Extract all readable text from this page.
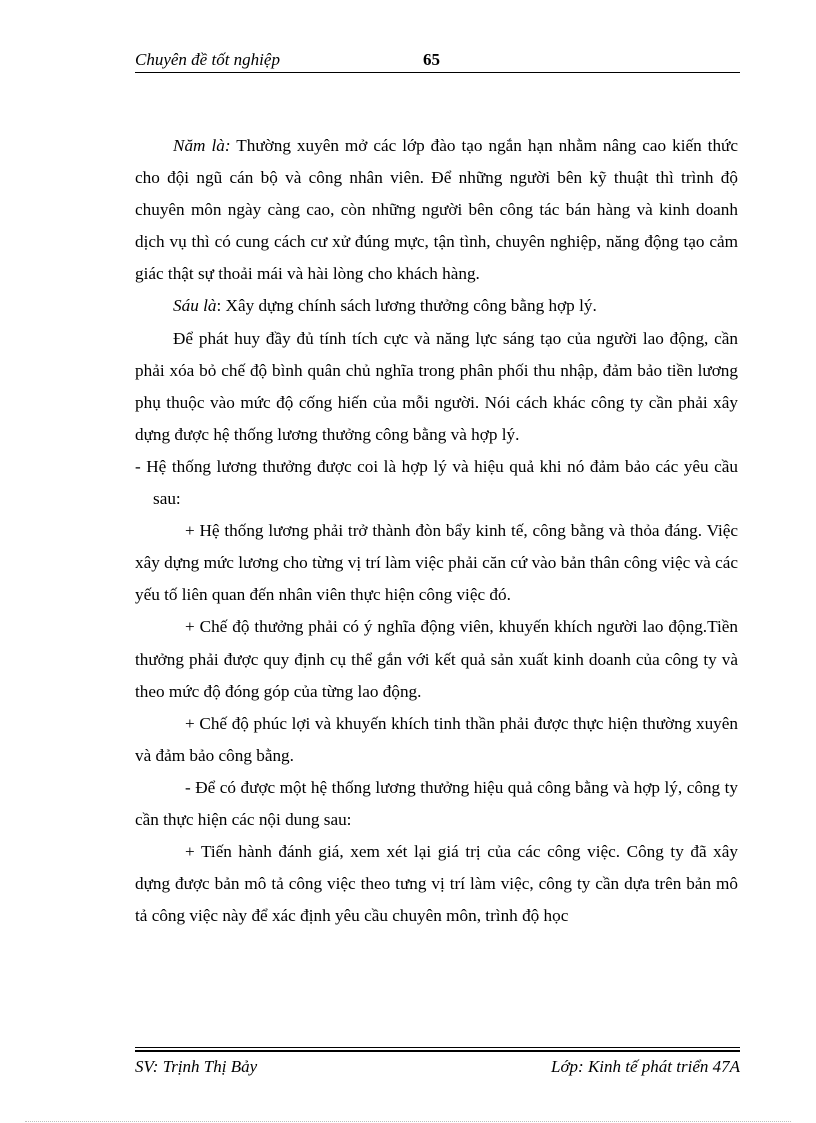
Chuyên đề tốt nghiệp	65

Năm là: Thường xuyên mở các lớp đào tạo ngắn hạn nhằm nâng cao kiến thức cho đội ngũ cán bộ và công nhân viên. Để những người bên kỹ thuật thì trình độ chuyên môn ngày càng cao, còn những người bên công tác bán hàng và kinh doanh dịch vụ thì có cung cách cư xử đúng mực, tận tình, chuyên nghiệp, năng động tạo cảm giác thật sự thoải mái và hài lòng cho khách hàng.

Sáu là: Xây dựng chính sách lương thưởng công bằng hợp lý.

Để phát huy đầy đủ tính tích cực và năng lực sáng tạo của người lao động, cần phải xóa bỏ chế độ bình quân chủ nghĩa trong phân phối thu nhập, đảm bảo tiền lương phụ thuộc vào mức độ cống hiến của mỗi người. Nói cách khác công ty cần phải xây dựng được hệ thống lương thưởng công bằng và hợp lý.

- Hệ thống lương thưởng được coi là hợp lý và hiệu quả khi nó đảm bảo các yêu cầu sau:

+ Hệ thống lương phải trở thành đòn bẩy kinh tế, công bằng và thỏa đáng. Việc xây dựng mức lương cho từng vị trí làm việc phải căn cứ vào bản thân công việc và các yếu tố liên quan đến nhân viên thực hiện công việc đó.

+ Chế độ thưởng phải có ý nghĩa động viên, khuyến khích người lao động.Tiền thưởng phải được quy định cụ thể gắn với kết quả sản xuất kinh doanh của công ty và theo mức độ đóng góp của từng lao động.

+ Chế độ phúc lợi và khuyến khích tinh thần phải được thực hiện thường xuyên và đảm bảo công bằng.

- Để có được một hệ thống lương thưởng hiệu quả công bằng và hợp lý, công ty cần thực hiện các nội dung sau:

+ Tiến hành đánh giá, xem xét lại giá trị của các công việc. Công ty đã xây dựng được bản mô tả công việc theo tưng vị trí làm việc, công ty cần dựa trên bản mô tả công việc này để xác định yêu cầu chuyên môn, trình độ học

SV: Trịnh Thị Bảy	Lớp: Kinh tế phát triển 47A
